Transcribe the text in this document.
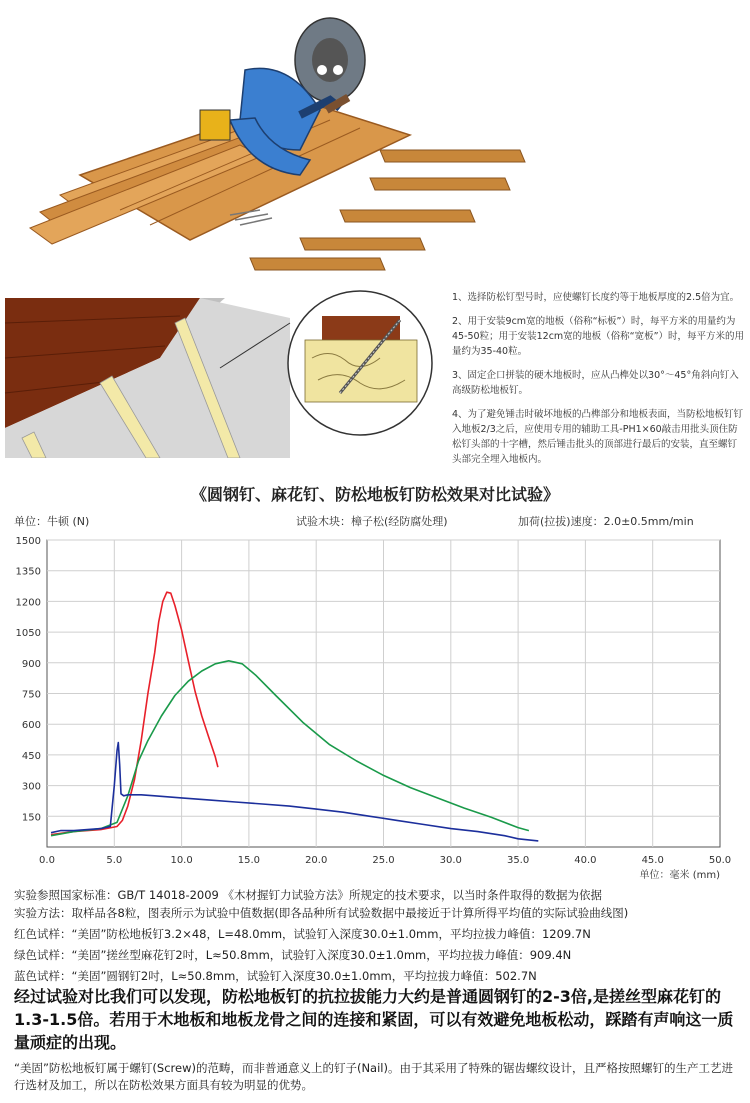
1、选择防松钉型号时，应使螺钉长度约等于地板厚度的2.5倍为宜。

2、用于安装9cm宽的地板（俗称“标板”）时，每平方米的用量约为45-50粒；用于安装12cm宽的地板（俗称“宽板”）时，每平方米的用量约为35-40粒。

3、固定企口拼装的硬木地板时，应从凸榫处以30°～45°角斜向钉入高级防松地板钉。

4、为了避免锤击时破坏地板的凸榫部分和地板表面，当防松地板钉钉入地板2/3之后，应使用专用的辅助工具-PH1×60敲击用批头顶住防松钉头部的十字槽，然后锤击批头的顶部进行最后的安装，直至螺钉头部完全埋入地板内。

《圆钢钉、麻花钉、防松地板钉防松效果对比试验》
单位：牛顿 (N)	试验木块：樟子松(经防腐处理)	加荷(拉拔)速度：2.0±0.5mm/min
0.0	5.0	10.0	15.0	20.0	25.0	30.0	35.0	40.0	45.0	50.0
150
300
450
600
750
900
1050
1200
1350
1500
单位：毫米 (mm)
实验参照国家标准：GB/T 14018-2009 《木材握钉力试验方法》所规定的技术要求，以当时条件取得的数据为依据
实验方法：取样品各8粒，图表所示为试验中值数据(即各品种所有试验数据中最接近于计算所得平均值的实际试验曲线图)
红色试样：“美固”防松地板钉3.2×48，L=48.0mm，试验钉入深度30.0±1.0mm，平均拉拔力峰值：1209.7N
绿色试样：“美固”搓丝型麻花钉2吋，L≈50.8mm，试验钉入深度30.0±1.0mm，平均拉拔力峰值：909.4N
蓝色试样：“美固”圆钢钉2吋，L≈50.8mm，试验钉入深度30.0±1.0mm，平均拉拔力峰值：502.7N
经过试验对比我们可以发现，防松地板钉的抗拉拔能力大约是普通圆钢钉的2-3倍,是搓丝型麻花钉的1.3-1.5倍。若用于木地板和地板龙骨之间的连接和紧固，可以有效避免地板松动，踩踏有声响这一质量顽症的出现。
“美固”防松地板钉属于螺钉(Screw)的范畴，而非普通意义上的钉子(Nail)。由于其采用了特殊的锯齿螺纹设计，且严格按照螺钉的生产工艺进行选材及加工，所以在防松效果方面具有较为明显的优势。
